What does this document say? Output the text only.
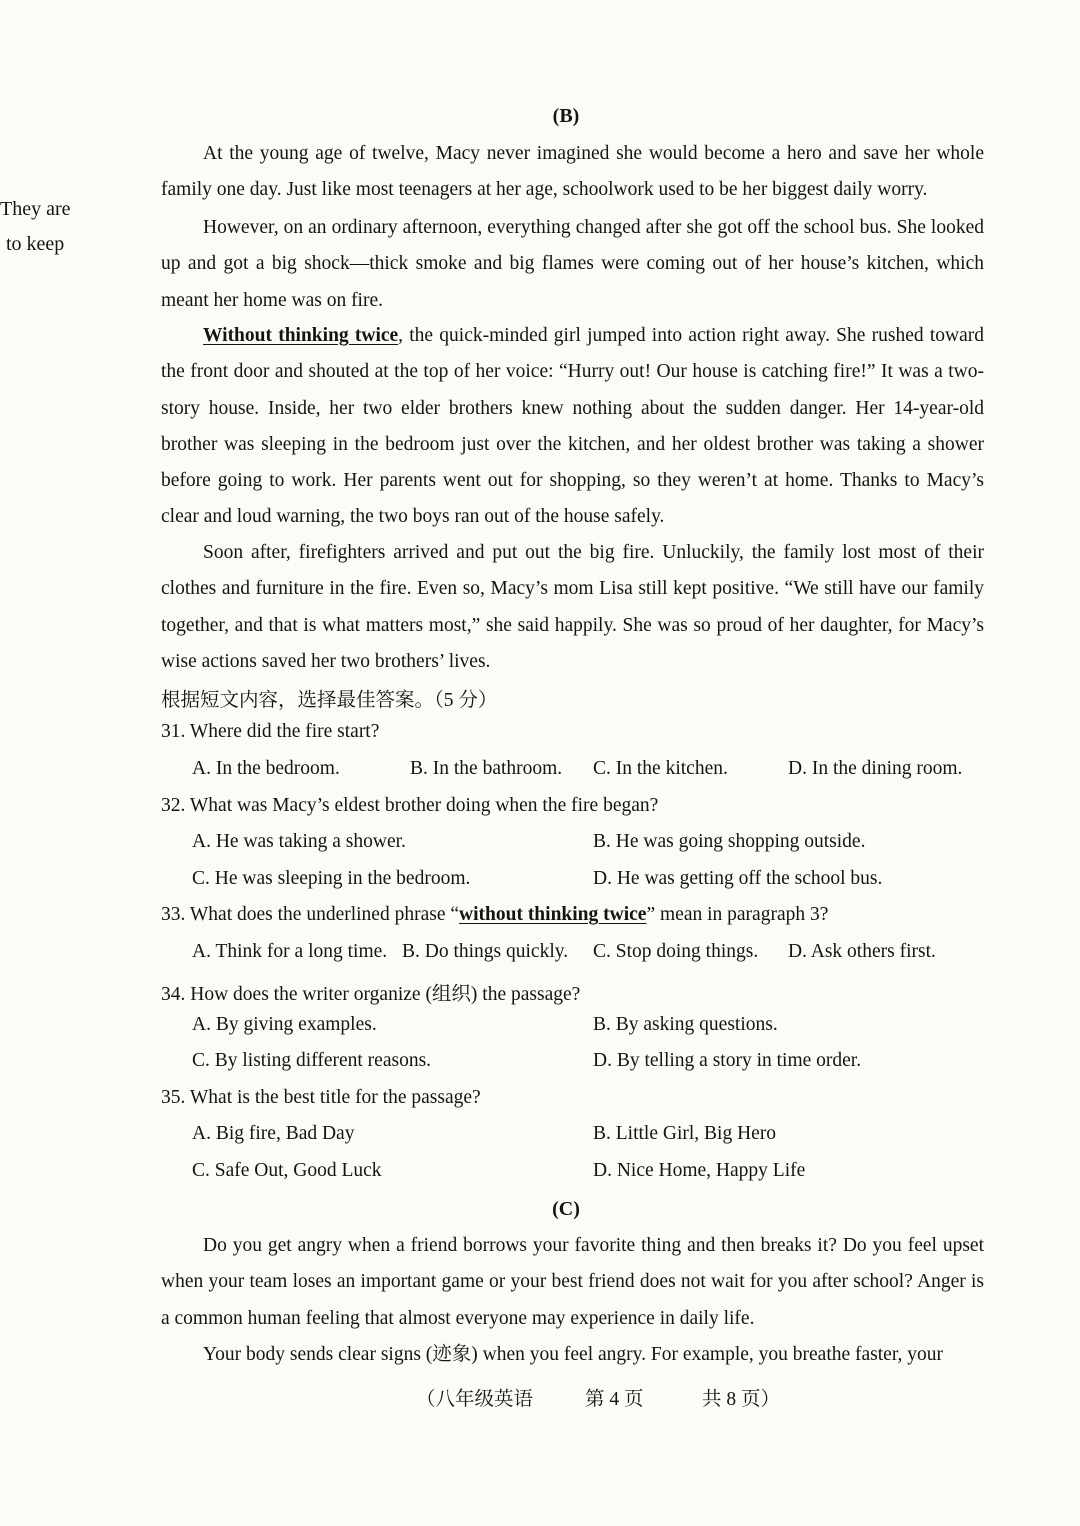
They are
to keep
(B)

At the young age of twelve, Macy never imagined she would become a hero and save her whole family one day. Just like most teenagers at her age, schoolwork used to be her biggest daily worry.

However, on an ordinary afternoon, everything changed after she got off the school bus. She looked up and got a big shock—thick smoke and big flames were coming out of her house’s kitchen, which meant her home was on fire.

Without thinking twice, the quick-minded girl jumped into action right away. She rushed toward the front door and shouted at the top of her voice: “Hurry out! Our house is catching fire!” It was a two-story house. Inside, her two elder brothers knew nothing about the sudden danger. Her 14-year-old brother was sleeping in the bedroom just over the kitchen, and her oldest brother was taking a shower before going to work. Her parents went out for shopping, so they weren’t at home. Thanks to Macy’s clear and loud warning, the two boys ran out of the house safely.

Soon after, firefighters arrived and put out the big fire. Unluckily, the family lost most of their clothes and furniture in the fire. Even so, Macy’s mom Lisa still kept positive. “We still have our family together, and that is what matters most,” she said happily. She was so proud of her daughter, for Macy’s wise actions saved her two brothers’ lives.

根据短文内容，选择最佳答案。（5 分）
31. Where did the fire start?
A. In the bedroom.	B. In the bathroom. C. In the kitchen.	D. In the dining room.
32. What was Macy’s eldest brother doing when the fire began?
A. He was taking a shower.	B. He was going shopping outside.
C. He was sleeping in the bedroom.	D. He was getting off the school bus.
33. What does the underlined phrase “without thinking twice” mean in paragraph 3?
A. Think for a long time. B. Do things quickly. C. Stop doing things. D. Ask others first.
34. How does the writer organize (组织) the passage?
A. By giving examples.	B. By asking questions.
C. By listing different reasons.	D. By telling a story in time order.
35. What is the best title for the passage?
A. Big fire, Bad Day	B. Little Girl, Big Hero
C. Safe Out, Good Luck	D. Nice Home, Happy Life
(C)

Do you get angry when a friend borrows your favorite thing and then breaks it? Do you feel upset when your team loses an important game or your best friend does not wait for you after school? Anger is a common human feeling that almost everyone may experience in daily life.

Your body sends clear signs (迹象) when you feel angry. For example, you breathe faster, your

（八年级英语	第 4 页	共 8 页）
